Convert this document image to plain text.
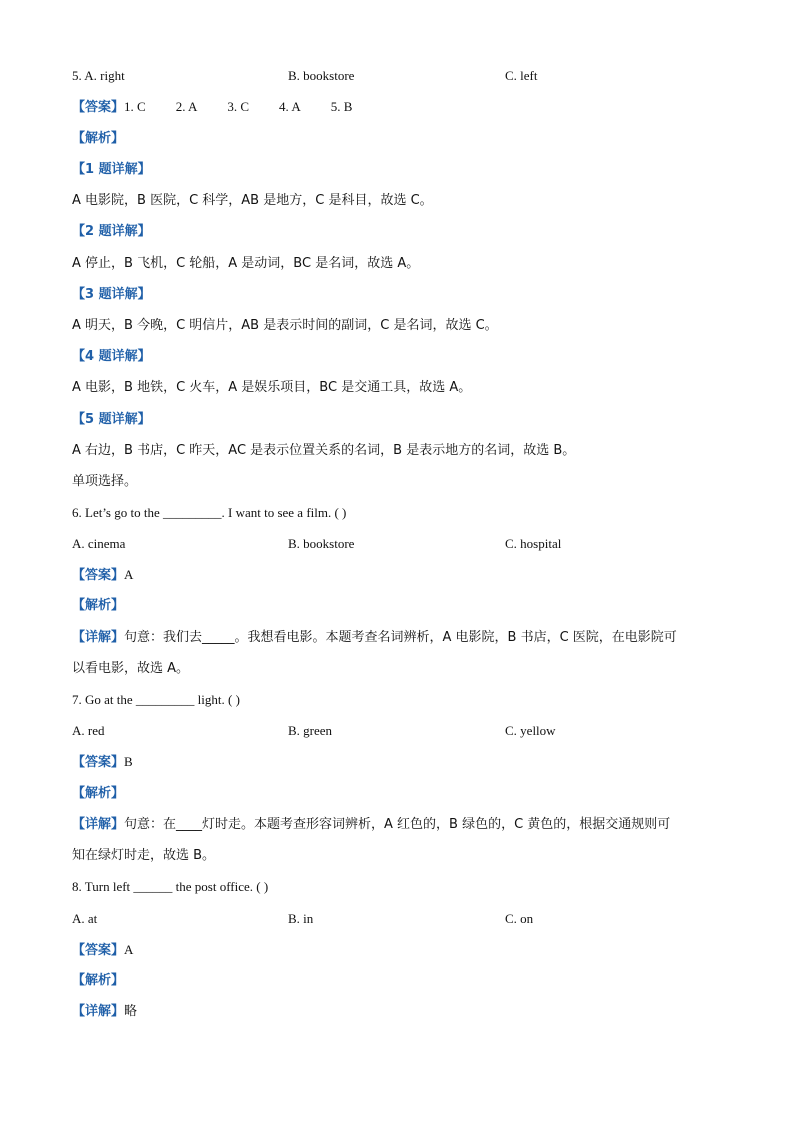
5. A. right	B. bookstore	C. left
【答案】1. C 2. A 3. C 4. A 5. B
【解析】
【1 题详解】
A 电影院，B 医院，C 科学，AB 是地方，C 是科目，故选 C。
【2 题详解】
A 停止，B 飞机，C 轮船，A 是动词，BC 是名词，故选 A。
【3 题详解】
A 明天，B 今晚，C 明信片，AB 是表示时间的副词，C 是名词，故选 C。
【4 题详解】
A 电影，B 地铁，C 火车，A 是娱乐项目，BC 是交通工具，故选 A。
【5 题详解】
A 右边，B 书店，C 昨天，AC 是表示位置关系的名词，B 是表示地方的名词，故选 B。
单项选择。
6. Let’s go to the _________. I want to see a film. ( )
A. cinema	B. bookstore	C. hospital
【答案】A
【解析】
【详解】句意：我们去_____。我想看电影。本题考查名词辨析，A 电影院，B 书店，C 医院，在电影院可
以看电影，故选 A。
7. Go at the _________ light. ( )
A. red	B. green	C. yellow
【答案】B
【解析】
【详解】句意：在____灯时走。本题考查形容词辨析，A 红色的，B 绿色的，C 黄色的，根据交通规则可
知在绿灯时走，故选 B。
8. Turn left ______ the post office. ( )
A. at	B. in	C. on
【答案】A
【解析】
【详解】略
